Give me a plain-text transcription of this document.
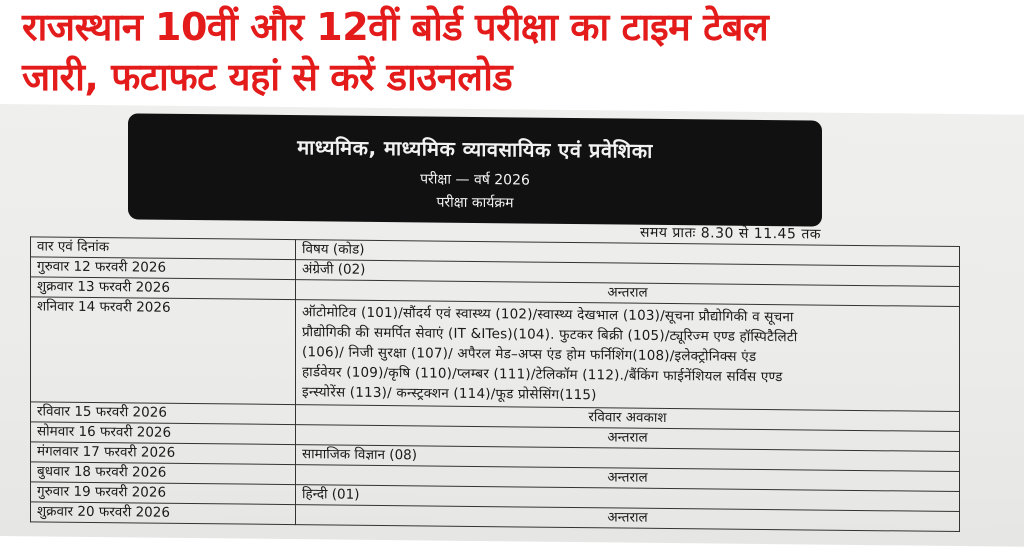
राजस्थान 10वीं और 12वीं बोर्ड परीक्षा का टाइम टेबल
जारी, फटाफट यहां से करें डाउनलोड
माध्यमिक, माध्यमिक व्यावसायिक एवं प्रवेशिका
परीक्षा — वर्ष 2026
परीक्षा कार्यक्रम
समय प्रातः 8.30 से 11.45 तक
वार एवं दिनांक	विषय (कोड)
गुरुवार 12 फरवरी 2026	अंग्रेजी (02)
शुक्रवार 13 फरवरी 2026	अन्तराल
शनिवार 14 फरवरी 2026	ऑटोमोटिव (101)/सौंदर्य एवं स्वास्थ्य (102)/स्वास्थ्य देखभाल (103)/सूचना प्रौद्योगिकी व सूचना
प्रौद्योगिकी की समर्पित सेवाएं (IT &ITes)(104). फुटकर बिक्री (105)/ट्यूरिज्म एण्ड हॉस्पिटैलिटी
(106)/ निजी सुरक्षा (107)/ अपैरल मेड–अप्स एंड होम फर्निशिंग(108)/इलेक्ट्रोनिक्स एंड
हार्डवेयर (109)/कृषि (110)/प्लम्बर (111)/टेलिकॉम (112)./बैंकिंग फाईनेंशियल सर्विस एण्ड
इन्स्योरेंस (113)/ कन्स्ट्रक्शन (114)/फूड प्रोसेसिंग(115)

रविवार 15 फरवरी 2026	रविवार अवकाश
सोमवार 16 फरवरी 2026	अन्तराल
मंगलवार 17 फरवरी 2026	सामाजिक विज्ञान (08)
बुधवार 18 फरवरी 2026	अन्तराल
गुरुवार 19 फरवरी 2026	हिन्दी (01)
शुक्रवार 20 फरवरी 2026	अन्तराल
